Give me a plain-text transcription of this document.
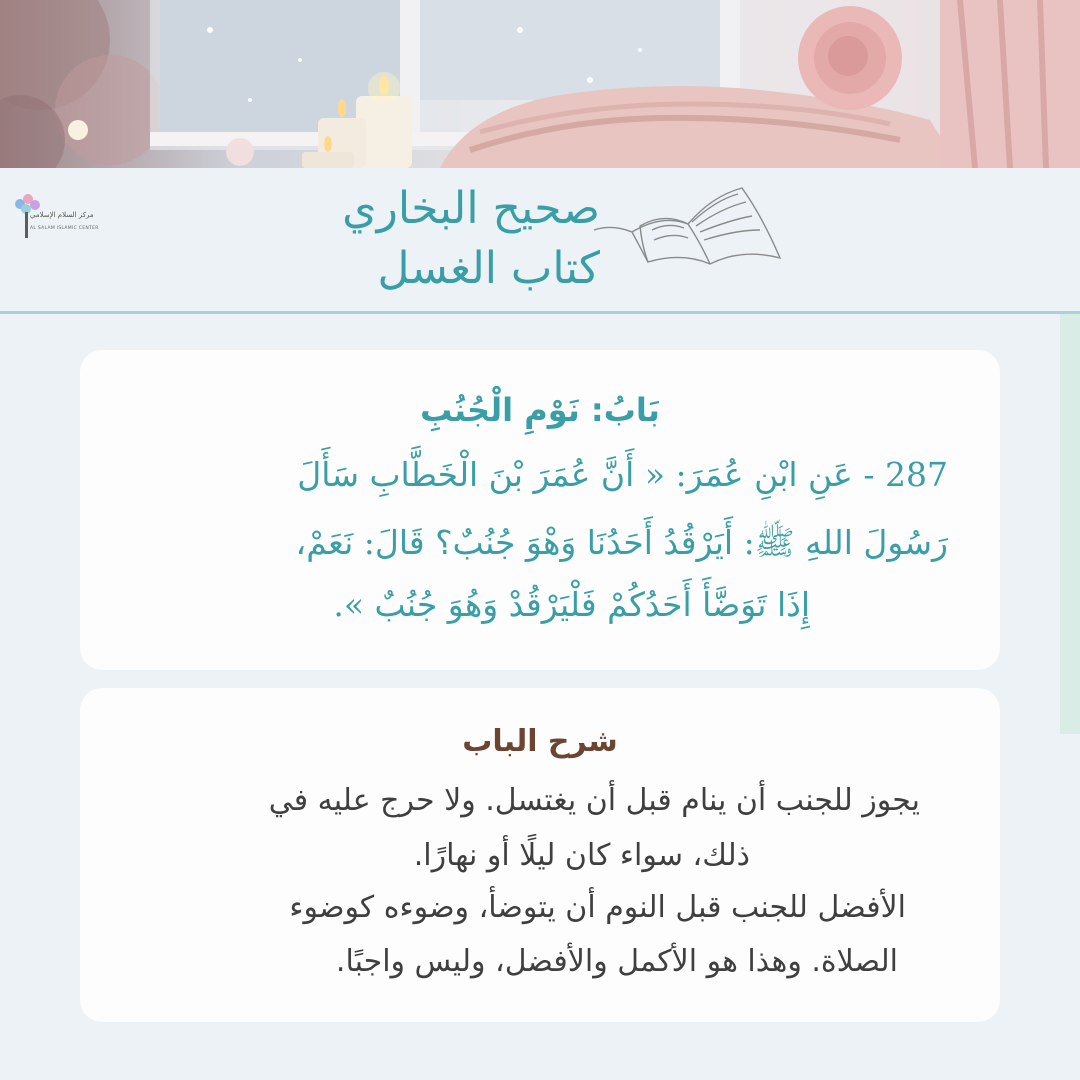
مركز السلام الإسلامي
AL SALAM ISLAMIC CENTER	صحيح البخاري
كتاب الغسل
بَابُ: نَوْمِ الْجُنُبِ
287 - عَنِ ابْنِ عُمَرَ: « أَنَّ عُمَرَ بْنَ الْخَطَّابِ سَأَلَ
رَسُولَ اللهِ ﷺ: أَيَرْقُدُ أَحَدُنَا وَهْوَ جُنُبٌ؟ قَالَ: نَعَمْ،
إِذَا تَوَضَّأَ أَحَدُكُمْ فَلْيَرْقُدْ وَهُوَ جُنُبٌ ».
شرح الباب
يجوز للجنب أن ينام قبل أن يغتسل. ولا حرج عليه في
ذلك، سواء كان ليلًا أو نهارًا.
الأفضل للجنب قبل النوم أن يتوضأ، وضوءه كوضوء
الصلاة. وهذا هو الأكمل والأفضل، وليس واجبًا.
